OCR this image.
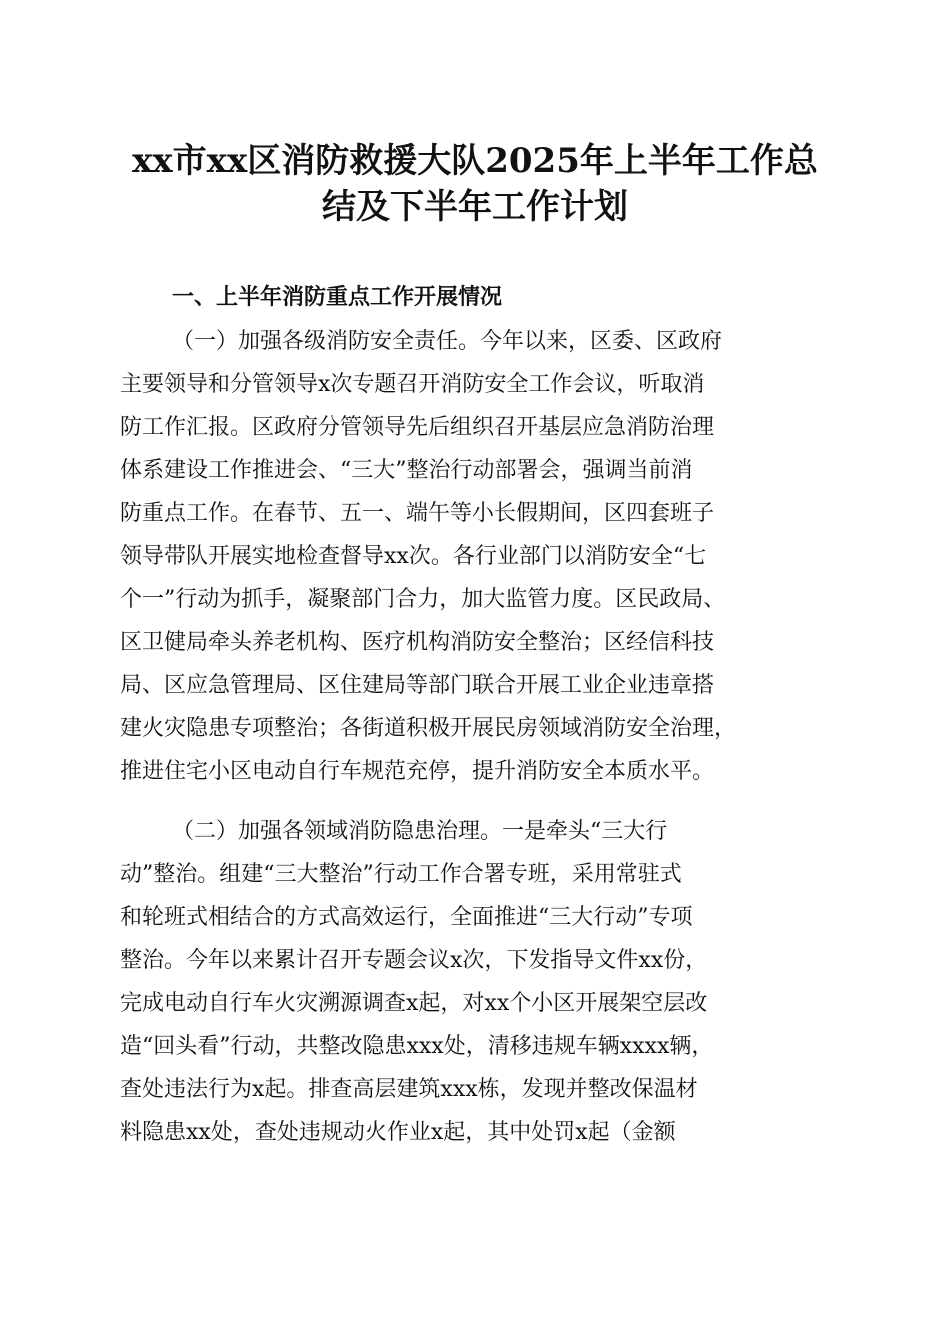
xx市xx区消防救援大队2025年上半年工作总
结及下半年工作计划
一、上半年消防重点工作开展情况
（一）加强各级消防安全责任。今年以来，区委、区政府
主要领导和分管领导x次专题召开消防安全工作会议，听取消
防工作汇报。区政府分管领导先后组织召开基层应急消防治理
体系建设工作推进会、“三大”整治行动部署会，强调当前消
防重点工作。在春节、五一、端午等小长假期间，区四套班子
领导带队开展实地检查督导xx次。各行业部门以消防安全“七
个一”行动为抓手，凝聚部门合力，加大监管力度。区民政局、
区卫健局牵头养老机构、医疗机构消防安全整治；区经信科技
局、区应急管理局、区住建局等部门联合开展工业企业违章搭
建火灾隐患专项整治；各街道积极开展民房领域消防安全治理，
推进住宅小区电动自行车规范充停，提升消防安全本质水平。
（二）加强各领域消防隐患治理。一是牵头“三大行
动”整治。组建“三大整治”行动工作合署专班，采用常驻式
和轮班式相结合的方式高效运行，全面推进“三大行动”专项
整治。今年以来累计召开专题会议x次，下发指导文件xx份，
完成电动自行车火灾溯源调查x起，对xx个小区开展架空层改
造“回头看”行动，共整改隐患xxx处，清移违规车辆xxxx辆，
查处违法行为x起。排查高层建筑xxx栋，发现并整改保温材
料隐患xx处，查处违规动火作业x起，其中处罚x起（金额
